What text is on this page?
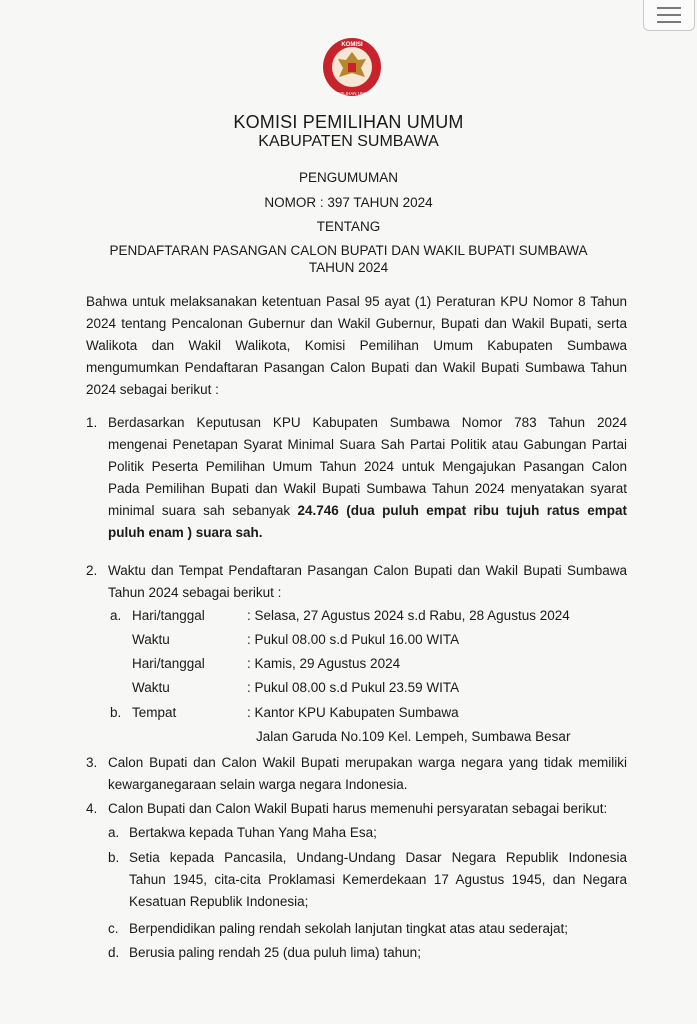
KOMISI
PEMILIHAN UMUM
KOMISI PEMILIHAN UMUM
KABUPATEN SUMBAWA
PENGUMUMAN
NOMOR : 397 TAHUN 2024
TENTANG
PENDAFTARAN PASANGAN CALON BUPATI DAN WAKIL BUPATI SUMBAWA
TAHUN 2024
Bahwa untuk melaksanakan ketentuan Pasal 95 ayat (1) Peraturan KPU Nomor 8 Tahun
2024 tentang Pencalonan Gubernur dan Wakil Gubernur, Bupati dan Wakil Bupati, serta
Walikota dan Wakil Walikota, Komisi Pemilihan Umum Kabupaten Sumbawa
mengumumkan Pendaftaran Pasangan Calon Bupati dan Wakil Bupati Sumbawa Tahun
2024 sebagai berikut :
1. Berdasarkan Keputusan KPU Kabupaten Sumbawa Nomor 783 Tahun 2024
mengenai Penetapan Syarat Minimal Suara Sah Partai Politik atau Gabungan Partai
Politik Peserta Pemilihan Umum Tahun 2024 untuk Mengajukan Pasangan Calon
Pada Pemilihan Bupati dan Wakil Bupati Sumbawa Tahun 2024 menyatakan syarat
minimal suara sah sebanyak 24.746 (dua puluh empat ribu tujuh ratus empat
puluh enam ) suara sah.
2. Waktu dan Tempat Pendaftaran Pasangan Calon Bupati dan Wakil Bupati Sumbawa
Tahun 2024 sebagai berikut :
a. Hari/tanggal	: Selasa, 27 Agustus 2024 s.d Rabu, 28 Agustus 2024
Waktu	: Pukul 08.00 s.d Pukul 16.00 WITA
Hari/tanggal	: Kamis, 29 Agustus 2024
Waktu	: Pukul 08.00 s.d Pukul 23.59 WITA
b. Tempat	: Kantor KPU Kabupaten Sumbawa
Jalan Garuda No.109 Kel. Lempeh, Sumbawa Besar
3. Calon Bupati dan Calon Wakil Bupati merupakan warga negara yang tidak memiliki
kewarganegaraan selain warga negara Indonesia.
4. Calon Bupati dan Calon Wakil Bupati harus memenuhi persyaratan sebagai berikut:
a. Bertakwa kepada Tuhan Yang Maha Esa;
b. Setia kepada Pancasila, Undang-Undang Dasar Negara Republik Indonesia
Tahun 1945, cita-cita Proklamasi Kemerdekaan 17 Agustus 1945, dan Negara
Kesatuan Republik Indonesia;
c. Berpendidikan paling rendah sekolah lanjutan tingkat atas atau sederajat;
d. Berusia paling rendah 25 (dua puluh lima) tahun;
